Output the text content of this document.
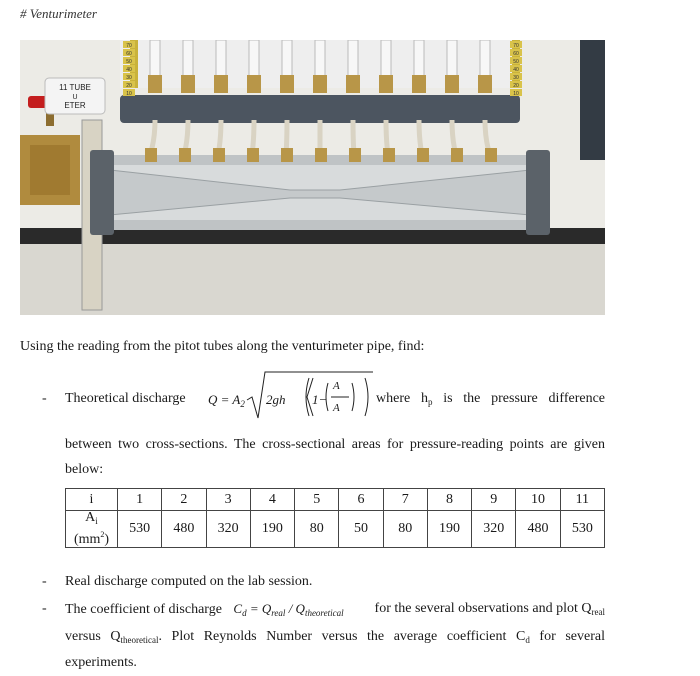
# Venturimeter
11 TUBE
U
ETER
70
60
50
40
30
20
10
70
60
50
40
30
20
10
Using the reading from the pitot tubes along the venturimeter pipe, find:
- Theoretical discharge $Q = A_2$ 2gh 1−
A
A
where $h_p$ is the pressure difference
between two cross-sections. The cross-sectional areas for pressure-reading points are given
below:
i	1	2	3	4	5	6	7	8	9	10	11
$A_i$
$(mm^2)$	530	480	320	190	80	50	80	190	320	480	530
- Real discharge computed on the lab session.
- The coefficient of discharge $C_d = Q_{real} / Q_{theoretical}$ for the several observations and plot $Q_{real}$
versus $Q_{theoretical}$. Plot Reynolds Number versus the average coefficient $C_d$ for several
experiments.
